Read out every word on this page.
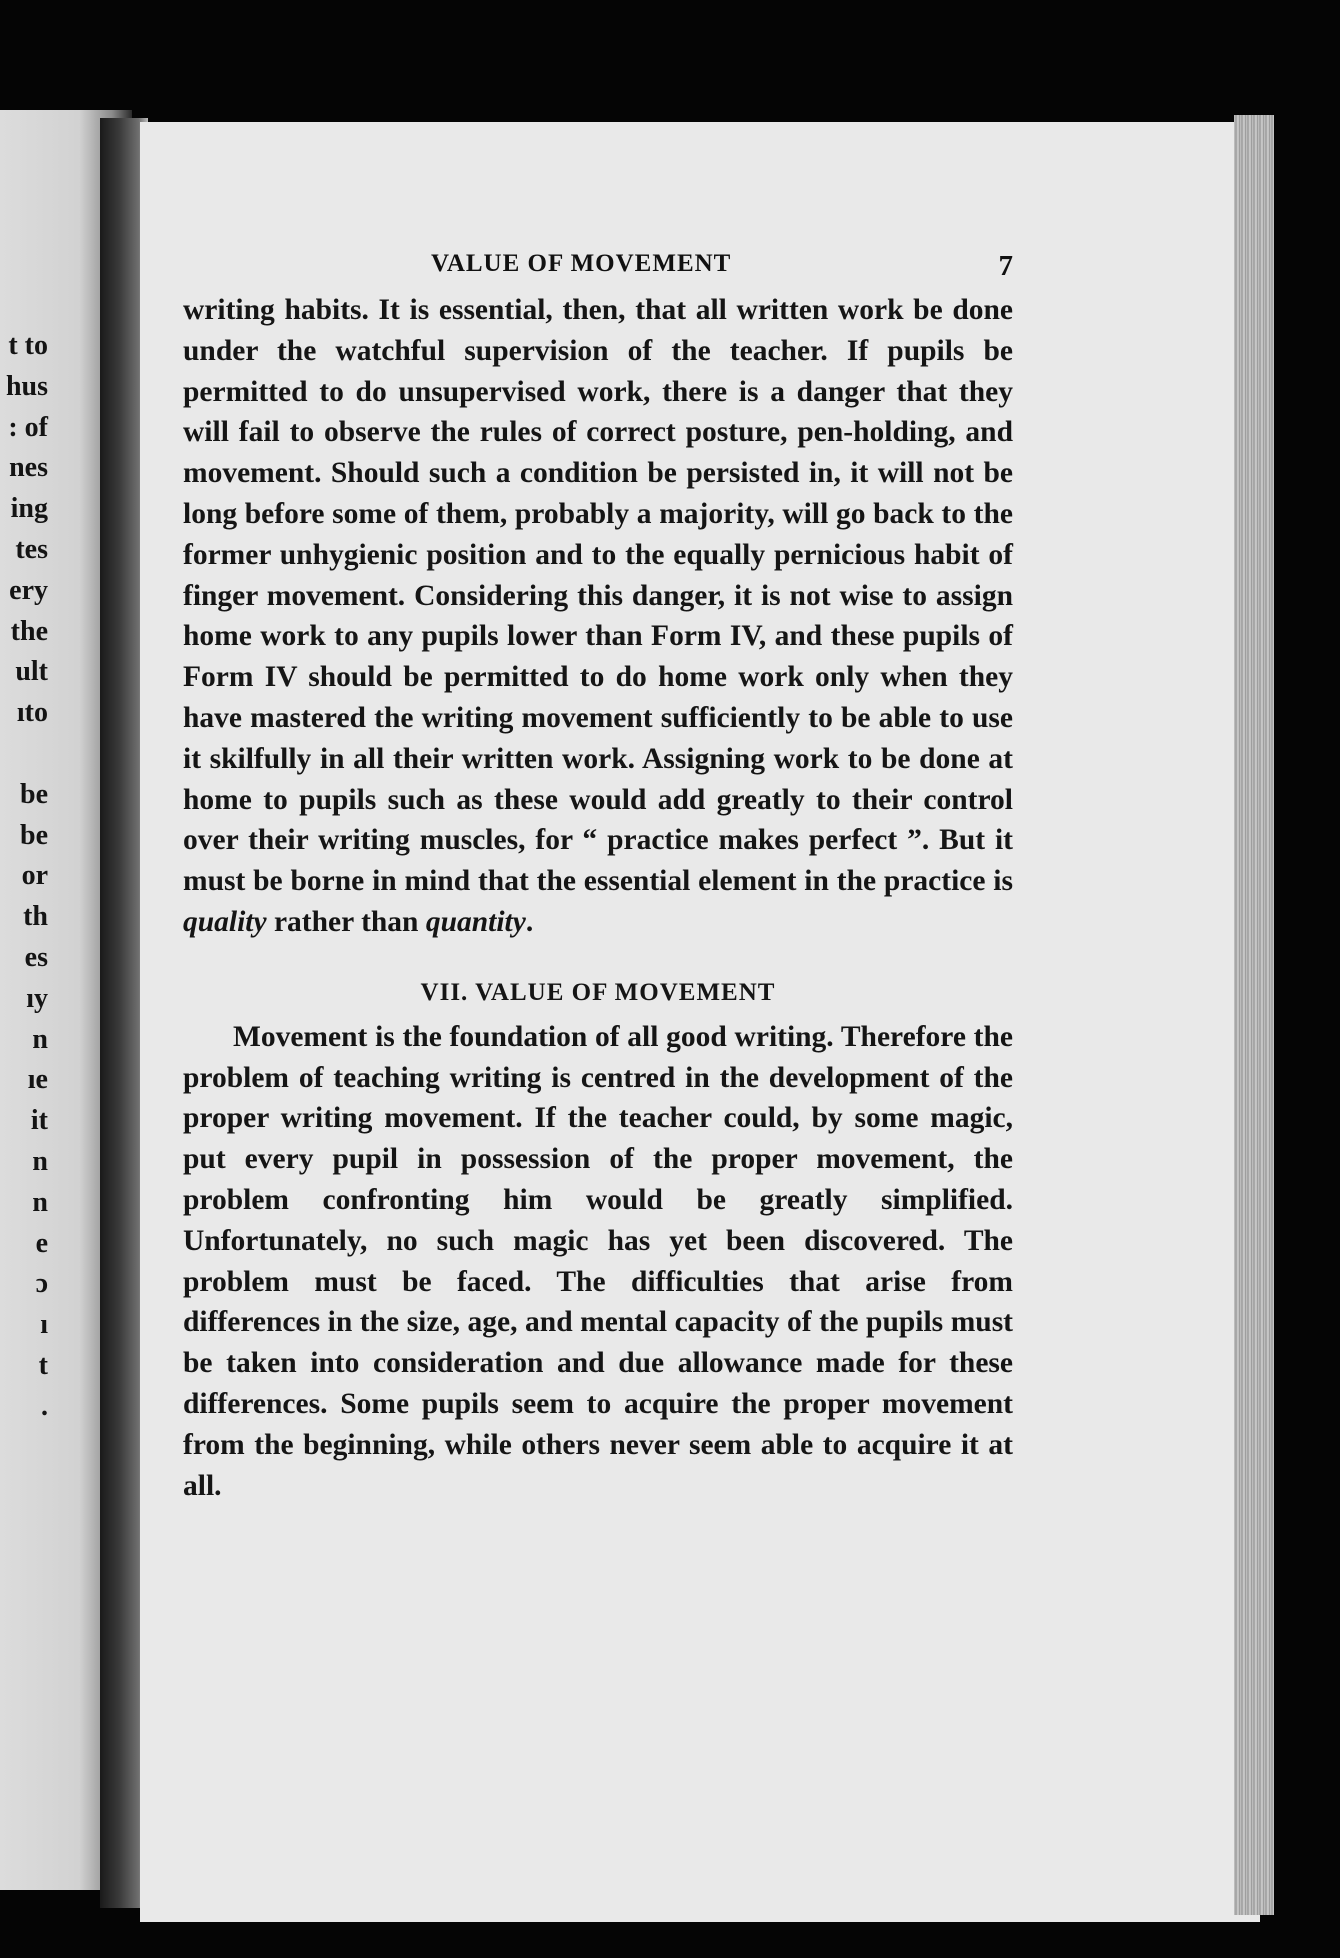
t to
hus
: of
nes
ing
tes
ery
the
ult
ıto
be
be
or
th
es
ıy
n
ıe
it
n
n
e
ɔ
ı
t
.
VALUE OF MOVEMENT	7

writing habits. It is essential, then, that all written work be done under the watchful supervision of the teacher. If pupils be permitted to do unsupervised work, there is a danger that they will fail to observe the rules of correct posture, pen-holding, and movement. Should such a condition be persisted in, it will not be long before some of them, probably a majority, will go back to the former unhygienic position and to the equally pernicious habit of finger movement. Considering this danger, it is not wise to assign home work to any pupils lower than Form IV, and these pupils of Form IV should be permitted to do home work only when they have mastered the writing movement sufficiently to be able to use it skilfully in all their written work. Assigning work to be done at home to pupils such as these would add greatly to their control over their writing muscles, for “ practice makes perfect ”. But it must be borne in mind that the essential element in the practice is quality rather than quantity.

VII. VALUE OF MOVEMENT

Movement is the foundation of all good writing. Therefore the problem of teaching writing is centred in the development of the proper writing movement. If the teacher could, by some magic, put every pupil in possession of the proper movement, the problem confronting him would be greatly simplified. Unfortunately, no such magic has yet been discovered. The problem must be faced. The difficulties that arise from differences in the size, age, and mental capacity of the pupils must be taken into consideration and due allowance made for these differences. Some pupils seem to acquire the proper movement from the beginning, while others never seem able to acquire it at all.
